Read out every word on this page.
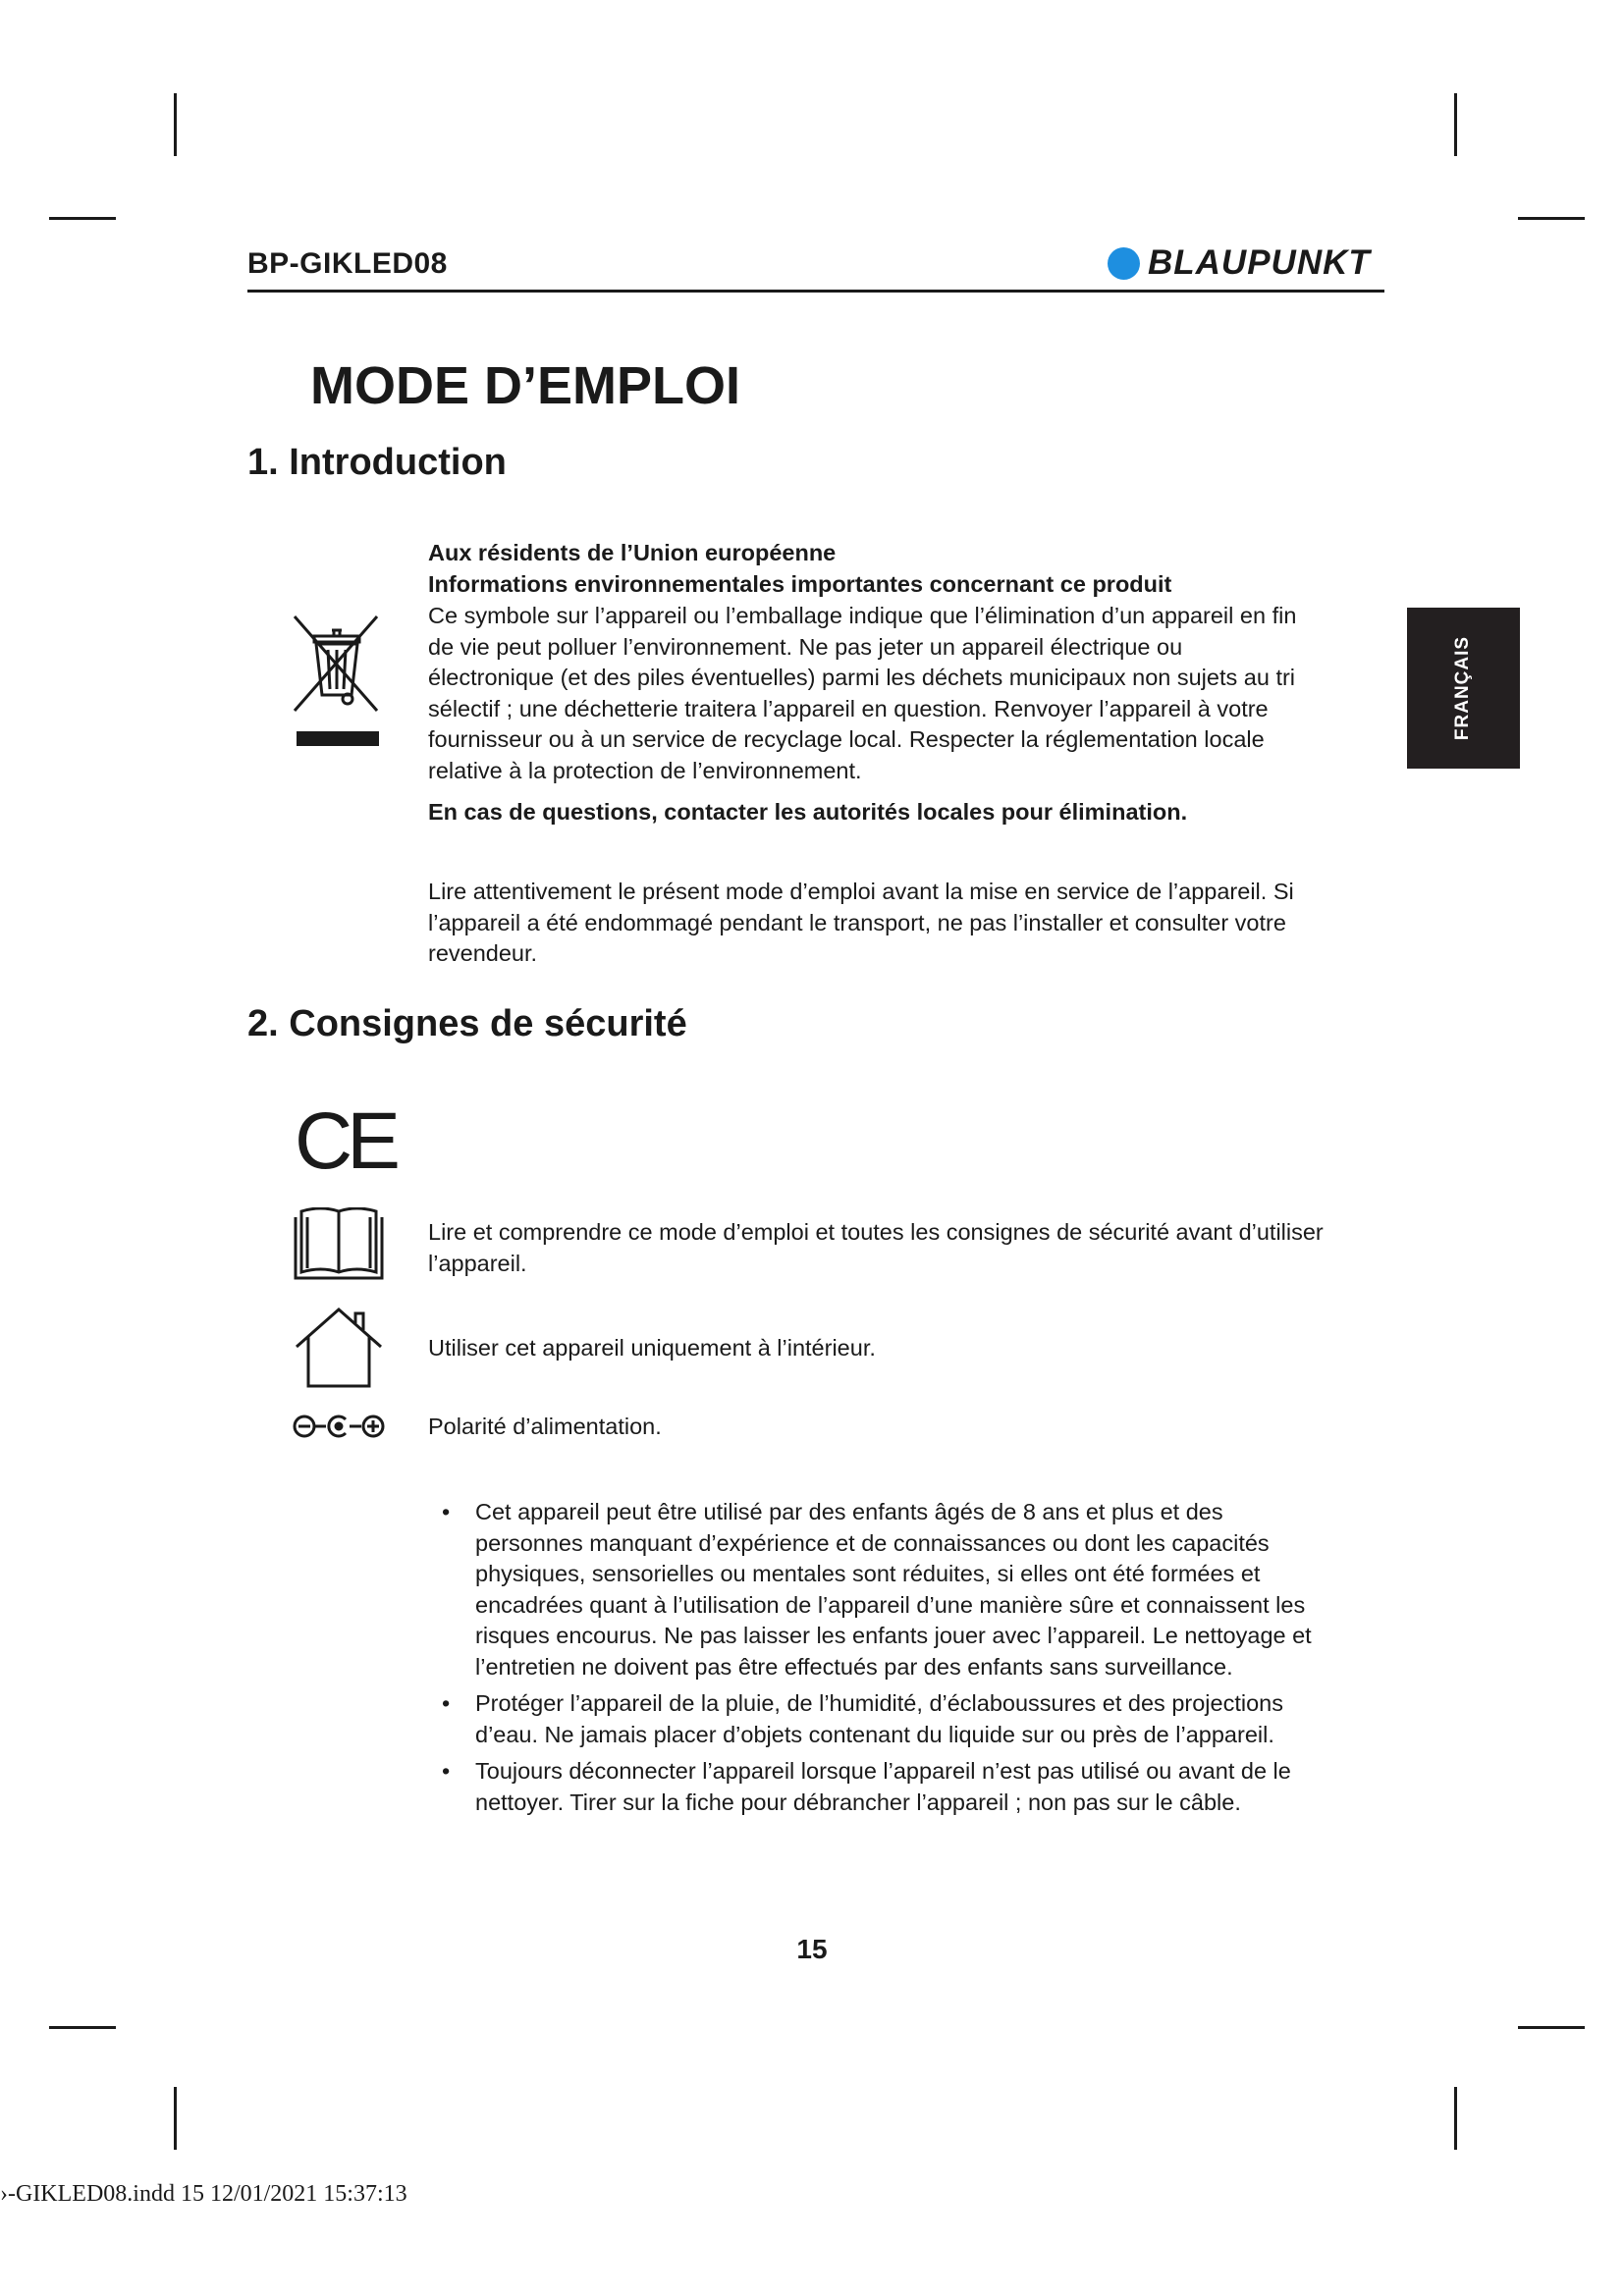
BP-GIKLED08	BLAUPUNKT
FRANÇAIS
MODE D’EMPLOI
1. Introduction

Aux résidents de l’Union européenne

Informations environnementales importantes concernant ce produit

Ce symbole sur l’appareil ou l’emballage indique que l’élimination d’un appareil en fin de vie peut polluer l’environnement. Ne pas jeter un appareil électrique ou électronique (et des piles éventuelles) parmi les déchets municipaux non sujets au tri sélectif ; une déchetterie traitera l’appareil en question. Renvoyer l’appareil à votre fournisseur ou à un service de recyclage local. Respecter la réglementation locale relative à la protection de l’environnement.

En cas de questions, contacter les autorités locales pour élimination.

Lire attentivement le présent mode d’emploi avant la mise en service de l’appareil. Si l’appareil a été endommagé pendant le transport, ne pas l’installer et consulter votre revendeur.

2. Consignes de sécurité
CE

Lire et comprendre ce mode d’emploi et toutes les consignes de sécurité avant d’utiliser l’appareil.

Utiliser cet appareil uniquement à l’intérieur.

Polarité d’alimentation.

• Cet appareil peut être utilisé par des enfants âgés de 8 ans et plus et des personnes manquant d’expérience et de connaissances ou dont les capacités physiques, sensorielles ou mentales sont réduites, si elles ont été formées et encadrées quant à l’utilisation de l’appareil d’une manière sûre et connaissent les risques encourus. Ne pas laisser les enfants jouer avec l’appareil. Le nettoyage et l’entretien ne doivent pas être effectués par des enfants sans surveillance.
• Protéger l’appareil de la pluie, de l’humidité, d’éclaboussures et des projections d’eau. Ne jamais placer d’objets contenant du liquide sur ou près de l’appareil.
• Toujours déconnecter l’appareil lorsque l’appareil n’est pas utilisé ou avant de le nettoyer. Tirer sur la fiche pour débrancher l’appareil ; non pas sur le câble.
15
›-GIKLED08.indd 15 12/01/2021 15:37:13
